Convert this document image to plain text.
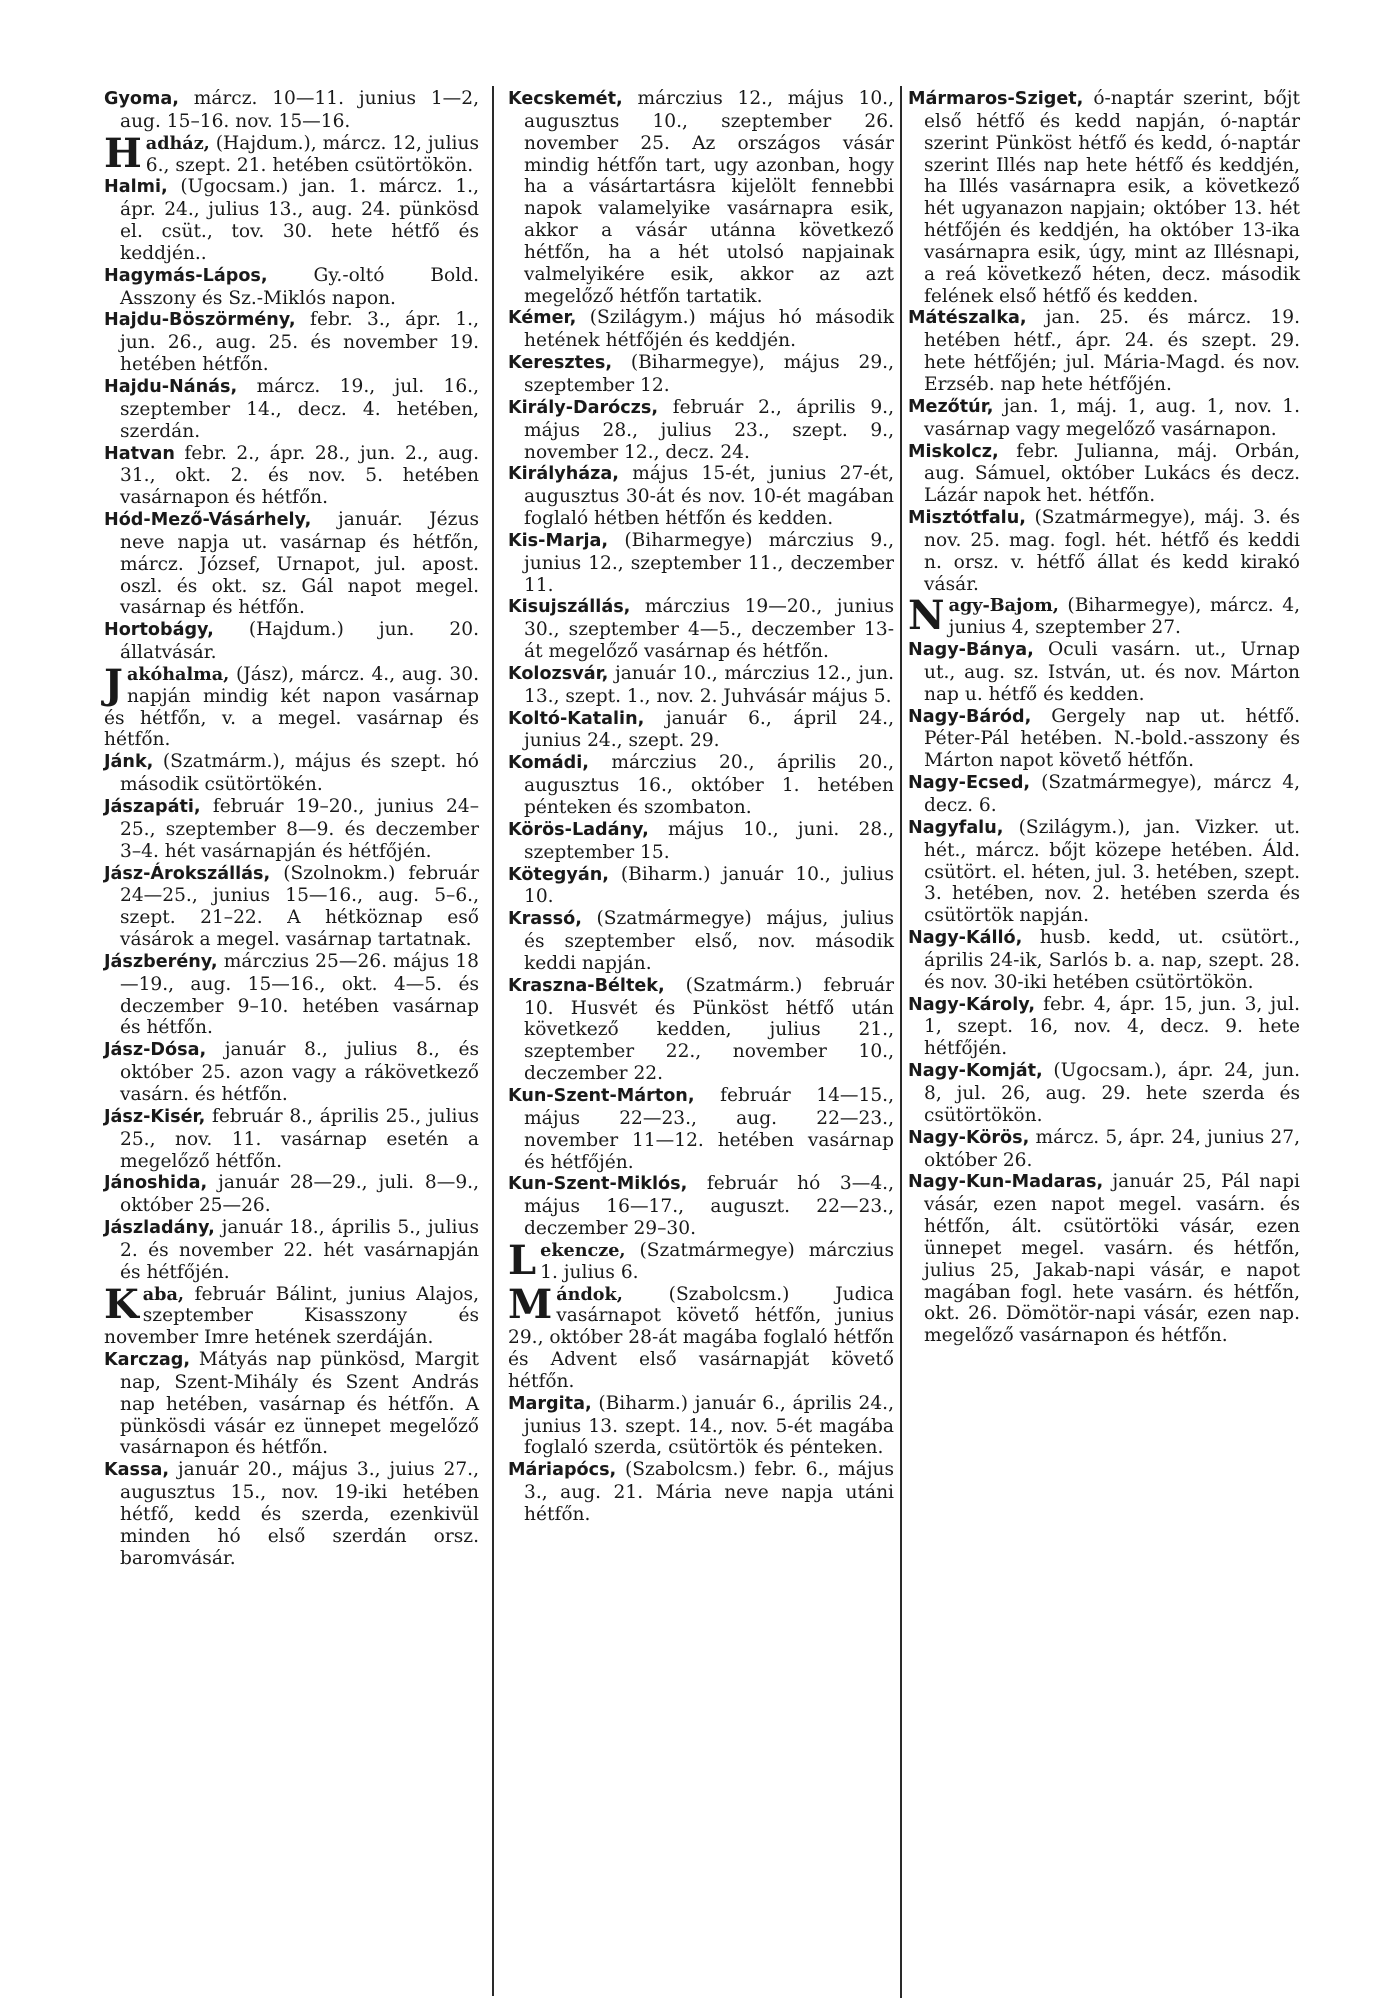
Gyoma, márcz. 10—11. junius 1—2, aug. 15–16. nov. 15—16.

Hadház, (Hajdum.), márcz. 12, julius 6., szept. 21. hetében csütörtökön.

Halmi, (Ugocsam.) jan. 1. márcz. 1., ápr. 24., julius 13., aug. 24. pünkösd el. csüt., tov. 30. hete hétfő és keddjén..

Hagymás-Lápos, Gy.-oltó Bold. Asszony és Sz.-Miklós napon.

Hajdu-Böszörmény, febr. 3., ápr. 1., jun. 26., aug. 25. és november 19. hetében hétfőn.

Hajdu-Nánás, márcz. 19., jul. 16., szeptember 14., decz. 4. hetében, szerdán.

Hatvan febr. 2., ápr. 28., jun. 2., aug. 31., okt. 2. és nov. 5. hetében vasárnapon és hétfőn.

Hód-Mező-Vásárhely, január. Jézus neve napja ut. vasárnap és hétfőn, márcz. József, Urnapot, jul. apost. oszl. és okt. sz. Gál napot megel. vasárnap és hétfőn.

Hortobágy, (Hajdum.) jun. 20. állatvásár.

Jakóhalma, (Jász), márcz. 4., aug. 30. napján mindig két napon vasárnap és hétfőn, v. a megel. vasárnap és hétfőn.

Jánk, (Szatmárm.), május és szept. hó második csütörtökén.

Jászapáti, február 19–20., junius 24–25., szeptember 8—9. és deczember 3–4. hét vasárnapján és hétfőjén.

Jász-Árokszállás, (Szolnokm.) február 24—25., junius 15—16., aug. 5–6., szept. 21–22. A hétköznap eső vásárok a megel. vasárnap tartatnak.

Jászberény, márczius 25—26. május 18—19., aug. 15—16., okt. 4—5. és deczember 9–10. hetében vasárnap és hétfőn.

Jász-Dósa, január 8., julius 8., és október 25. azon vagy a rákövetkező vasárn. és hétfőn.

Jász-Kisér, február 8., április 25., julius 25., nov. 11. vasárnap esetén a megelőző hétfőn.

Jánoshida, január 28—29., juli. 8—9., október 25—26.

Jászladány, január 18., április 5., julius 2. és november 22. hét vasárnapján és hétfőjén.

Kaba, február Bálint, junius Alajos, szeptember Kisasszony és november Imre hetének szerdáján.

Karczag, Mátyás nap pünkösd, Margit nap, Szent-Mihály és Szent András nap hetében, vasárnap és hétfőn. A pünkösdi vásár ez ünnepet megelőző vasárnapon és hétfőn.

Kassa, január 20., május 3., juius 27., augusztus 15., nov. 19-iki hetében hétfő, kedd és szerda, ezenkivül minden hó első szerdán orsz. baromvásár.

Kecskemét, márczius 12., május 10., augusztus 10., szeptember 26. november 25. Az országos vásár mindig hétfőn tart, ugy azonban, hogy ha a vásártartásra kijelölt fennebbi napok valamelyike vasárnapra esik, akkor a vásár utánna következő hétfőn, ha a hét utolsó napjainak valmelyikére esik, akkor az azt megelőző hétfőn tartatik.

Kémer, (Szilágym.) május hó második hetének hétfőjén és keddjén.

Keresztes, (Biharmegye), május 29., szeptember 12.

Király-Daróczs, február 2., április 9., május 28., julius 23., szept. 9., november 12., decz. 24.

Királyháza, május 15-ét, junius 27-ét, augusztus 30-át és nov. 10-ét magában foglaló hétben hétfőn és kedden.

Kis-Marja, (Biharmegye) márczius 9., junius 12., szeptember 11., deczember 11.

Kisujszállás, márczius 19—20., junius 30., szeptember 4—5., deczember 13-át megelőző vasárnap és hétfőn.

Kolozsvár, január 10., márczius 12., jun. 13., szept. 1., nov. 2. Juhvásár május 5.

Koltó-Katalin, január 6., ápril 24., junius 24., szept. 29.

Komádi, márczius 20., április 20., augusztus 16., október 1. hetében pénteken és szombaton.

Körös-Ladány, május 10., juni. 28., szeptember 15.

Kötegyán, (Biharm.) január 10., julius 10.

Krassó, (Szatmármegye) május, julius és szeptember első, nov. második keddi napján.

Kraszna-Béltek, (Szatmárm.) február 10. Husvét és Pünköst hétfő után következő kedden, julius 21., szeptember 22., november 10., deczember 22.

Kun-Szent-Márton, február 14—15., május 22—23., aug. 22—23., november 11—12. hetében vasárnap és hétfőjén.

Kun-Szent-Miklós, február hó 3—4., május 16—17., auguszt. 22—23., deczember 29–30.

Lekencze, (Szatmármegye) márczius 1. julius 6.

Mándok, (Szabolcsm.) Judica vasárnapot követő hétfőn, junius 29., október 28-át magába foglaló hétfőn és Advent első vasárnapját követő hétfőn.

Margita, (Biharm.) január 6., április 24., junius 13. szept. 14., nov. 5-ét magába foglaló szerda, csütörtök és pénteken.

Máriapócs, (Szabolcsm.) febr. 6., május 3., aug. 21. Mária neve napja utáni hétfőn.

Mármaros-Sziget, ó-naptár szerint, bőjt első hétfő és kedd napján, ó-naptár szerint Pünköst hétfő és kedd, ó-naptár szerint Illés nap hete hétfő és keddjén, ha Illés vasárnapra esik, a következő hét ugyanazon napjain; október 13. hét hétfőjén és keddjén, ha október 13-ika vasárnapra esik, úgy, mint az Illésnapi, a reá következő héten, decz. második felének első hétfő és kedden.

Mátészalka, jan. 25. és márcz. 19. hetében hétf., ápr. 24. és szept. 29. hete hétfőjén; jul. Mária-Magd. és nov. Erzséb. nap hete hétfőjén.

Mezőtúr, jan. 1, máj. 1, aug. 1, nov. 1. vasárnap vagy megelőző vasárnapon.

Miskolcz, febr. Julianna, máj. Orbán, aug. Sámuel, október Lukács és decz. Lázár napok het. hétfőn.

Misztótfalu, (Szatmármegye), máj. 3. és nov. 25. mag. fogl. hét. hétfő és keddi n. orsz. v. hétfő állat és kedd kirakó vásár.

Nagy-Bajom, (Biharmegye), márcz. 4, junius 4, szeptember 27.

Nagy-Bánya, Oculi vasárn. ut., Urnap ut., aug. sz. István, ut. és nov. Márton nap u. hétfő és kedden.

Nagy-Báród, Gergely nap ut. hétfő. Péter-Pál hetében. N.-bold.-asszony és Márton napot követő hétfőn.

Nagy-Ecsed, (Szatmármegye), márcz 4, decz. 6.

Nagyfalu, (Szilágym.), jan. Vizker. ut. hét., márcz. bőjt közepe hetében. Áld. csütört. el. héten, jul. 3. hetében, szept. 3. hetében, nov. 2. hetében szerda és csütörtök napján.

Nagy-Kálló, husb. kedd, ut. csütört., április 24-ik, Sarlós b. a. nap, szept. 28. és nov. 30-iki hetében csütörtökön.

Nagy-Károly, febr. 4, ápr. 15, jun. 3, jul. 1, szept. 16, nov. 4, decz. 9. hete hétfőjén.

Nagy-Komját, (Ugocsam.), ápr. 24, jun. 8, jul. 26, aug. 29. hete szerda és csütörtökön.

Nagy-Körös, márcz. 5, ápr. 24, junius 27, október 26.

Nagy-Kun-Madaras, január 25, Pál napi vásár, ezen napot megel. vasárn. és hétfőn, ált. csütörtöki vásár, ezen ünnepet megel. vasárn. és hétfőn, julius 25, Jakab-napi vásár, e napot magában fogl. hete vasárn. és hétfőn, okt. 26. Dömötör-napi vásár, ezen nap. megelőző vasárnapon és hétfőn.
